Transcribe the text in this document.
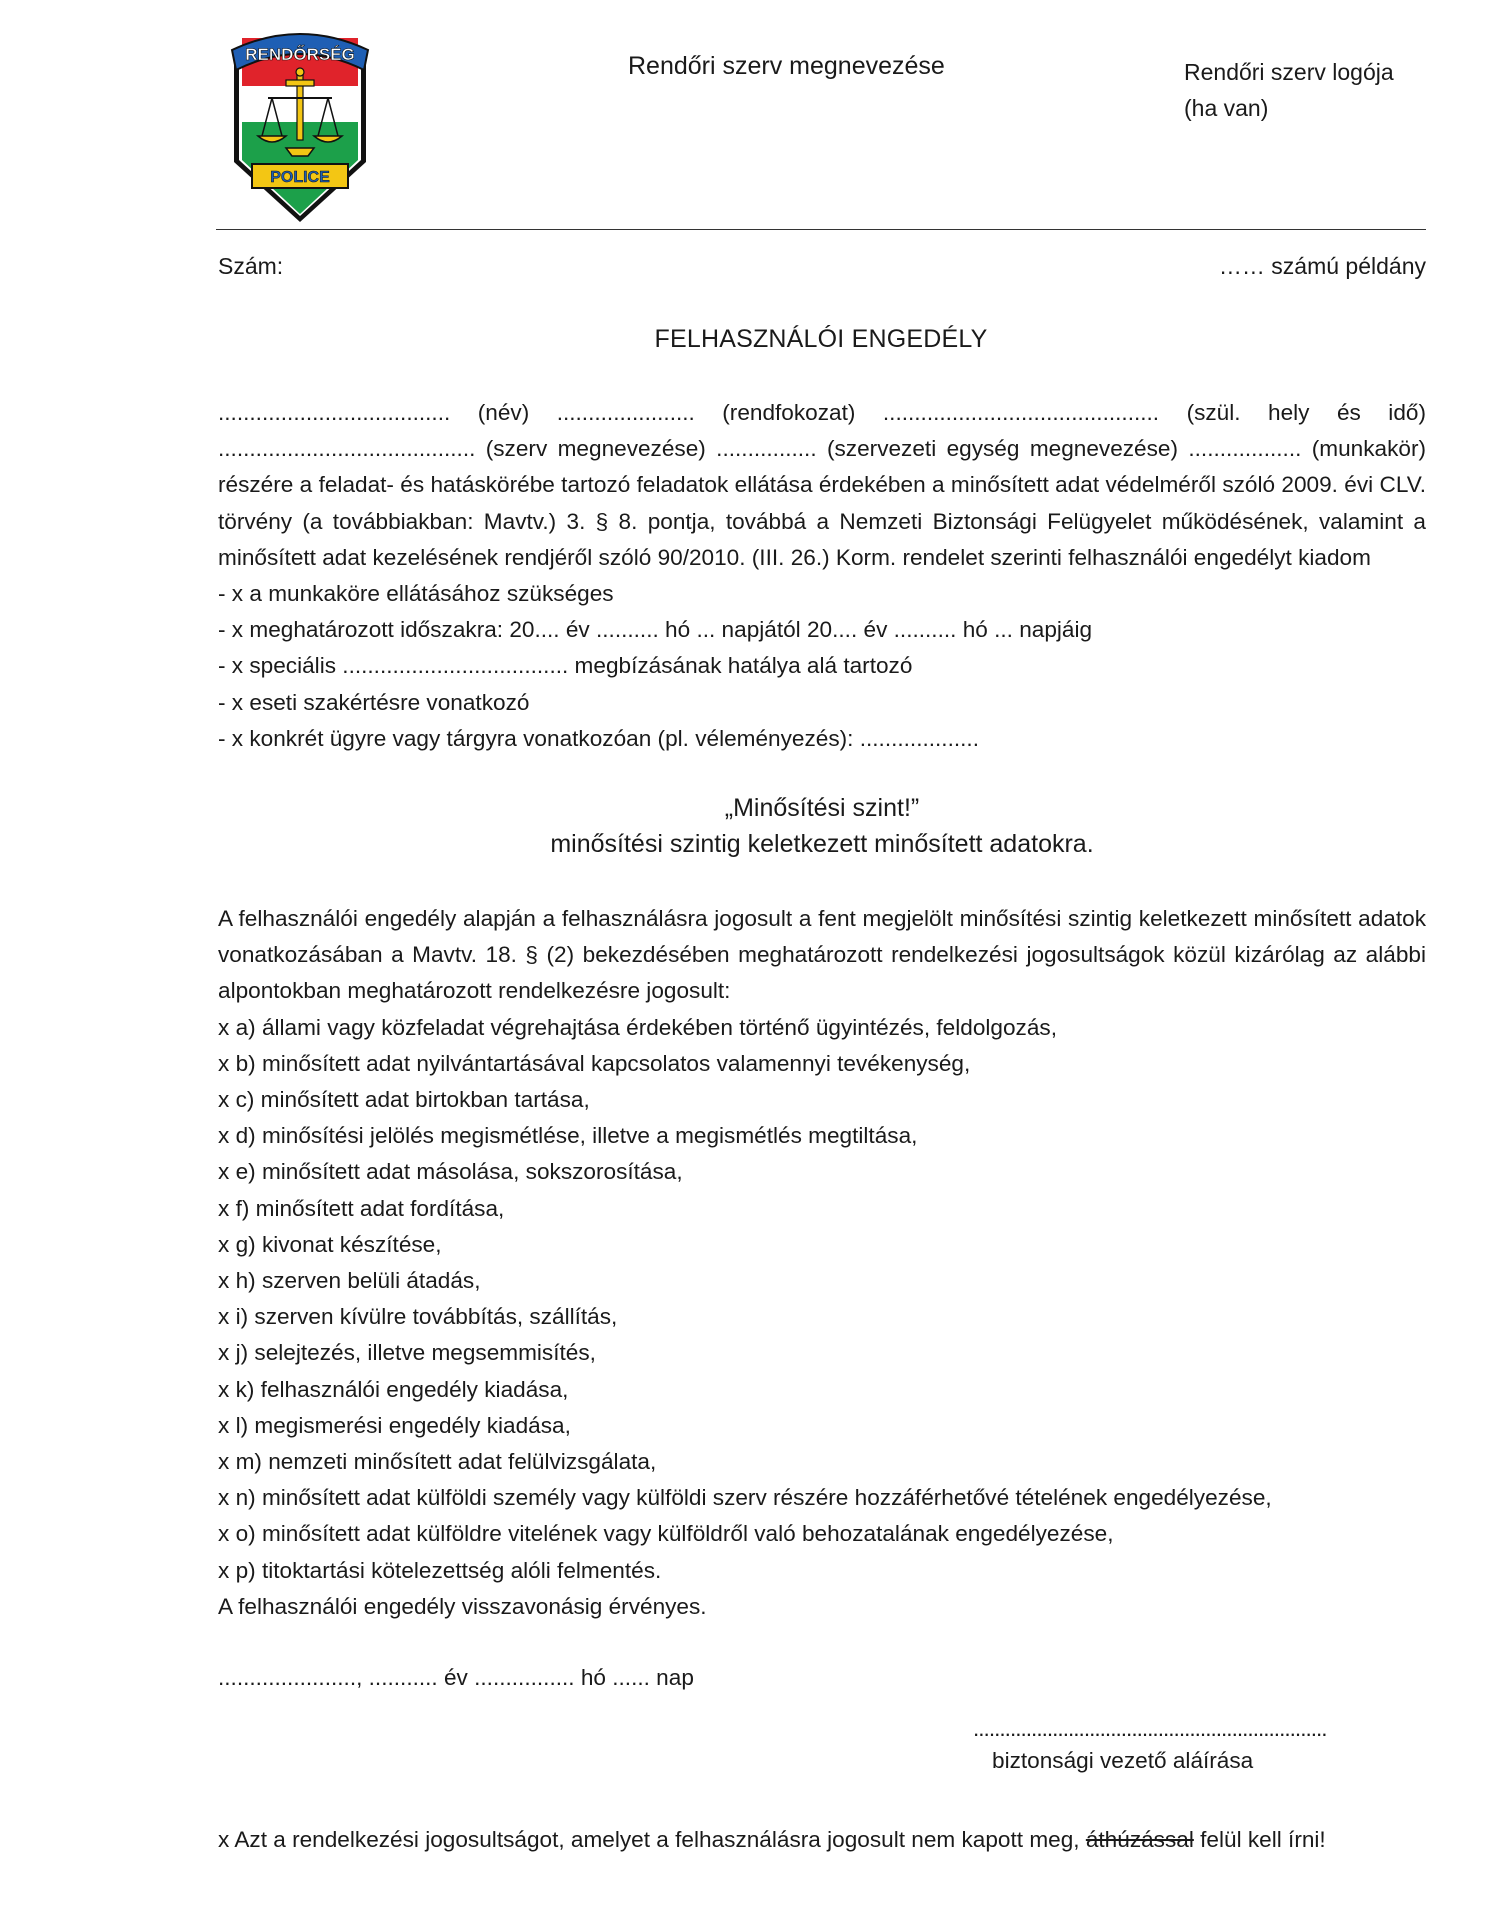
RENDŐRSÉG
POLICE
Rendőri szerv megnevezése	Rendőri szerv logója
(ha van)
Szám:	…… számú példány
FELHASZNÁLÓI ENGEDÉLY

..................................... (név) ...................... (rendfokozat) ............................................ (szül. hely és idő) ......................................... (szerv megnevezése) ................ (szervezeti egység megnevezése) .................. (munkakör) részére a feladat- és hatáskörébe tartozó feladatok ellátása érdekében a minősített adat védelméről szóló 2009. évi CLV. törvény (a továbbiakban: Mavtv.) 3. § 8. pontja, továbbá a Nemzeti Biztonsági Felügyelet működésének, valamint a minősített adat kezelésének rendjéről szóló 90/2010. (III. 26.) Korm. rendelet szerinti felhasználói engedélyt kiadom

- x a munkaköre ellátásához szükséges
- x meghatározott időszakra: 20.... év .......... hó ... napjától 20.... év .......... hó ... napjáig
- x speciális .................................... megbízásának hatálya alá tartozó
- x eseti szakértésre vonatkozó
- x konkrét ügyre vagy tárgyra vonatkozóan (pl. véleményezés): ...................
„Minősítési szint!”
minősítési szintig keletkezett minősített adatokra.

A felhasználói engedély alapján a felhasználásra jogosult a fent megjelölt minősítési szintig keletkezett minősített adatok vonatkozásában a Mavtv. 18. § (2) bekezdésében meghatározott rendelkezési jogosultságok közül kizárólag az alábbi alpontokban meghatározott rendelkezésre jogosult:

x a) állami vagy közfeladat végrehajtása érdekében történő ügyintézés, feldolgozás,
x b) minősített adat nyilvántartásával kapcsolatos valamennyi tevékenység,
x c) minősített adat birtokban tartása,
x d) minősítési jelölés megismétlése, illetve a megismétlés megtiltása,
x e) minősített adat másolása, sokszorosítása,
x f) minősített adat fordítása,
x g) kivonat készítése,
x h) szerven belüli átadás,
x i) szerven kívülre továbbítás, szállítás,
x j) selejtezés, illetve megsemmisítés,
x k) felhasználói engedély kiadása,
x l) megismerési engedély kiadása,
x m) nemzeti minősített adat felülvizsgálata,
x n) minősített adat külföldi személy vagy külföldi szerv részére hozzáférhetővé tételének engedélyezése,
x o) minősített adat külföldre vitelének vagy külföldről való behozatalának engedélyezése,
x p) titoktartási kötelezettség alóli felmentés.

A felhasználói engedély visszavonásig érvényes.

......................, ........... év ................ hó ...... nap
...................................................................
biztonsági vezető aláírása
x Azt a rendelkezési jogosultságot, amelyet a felhasználásra jogosult nem kapott meg, áthúzással felül kell írni!
